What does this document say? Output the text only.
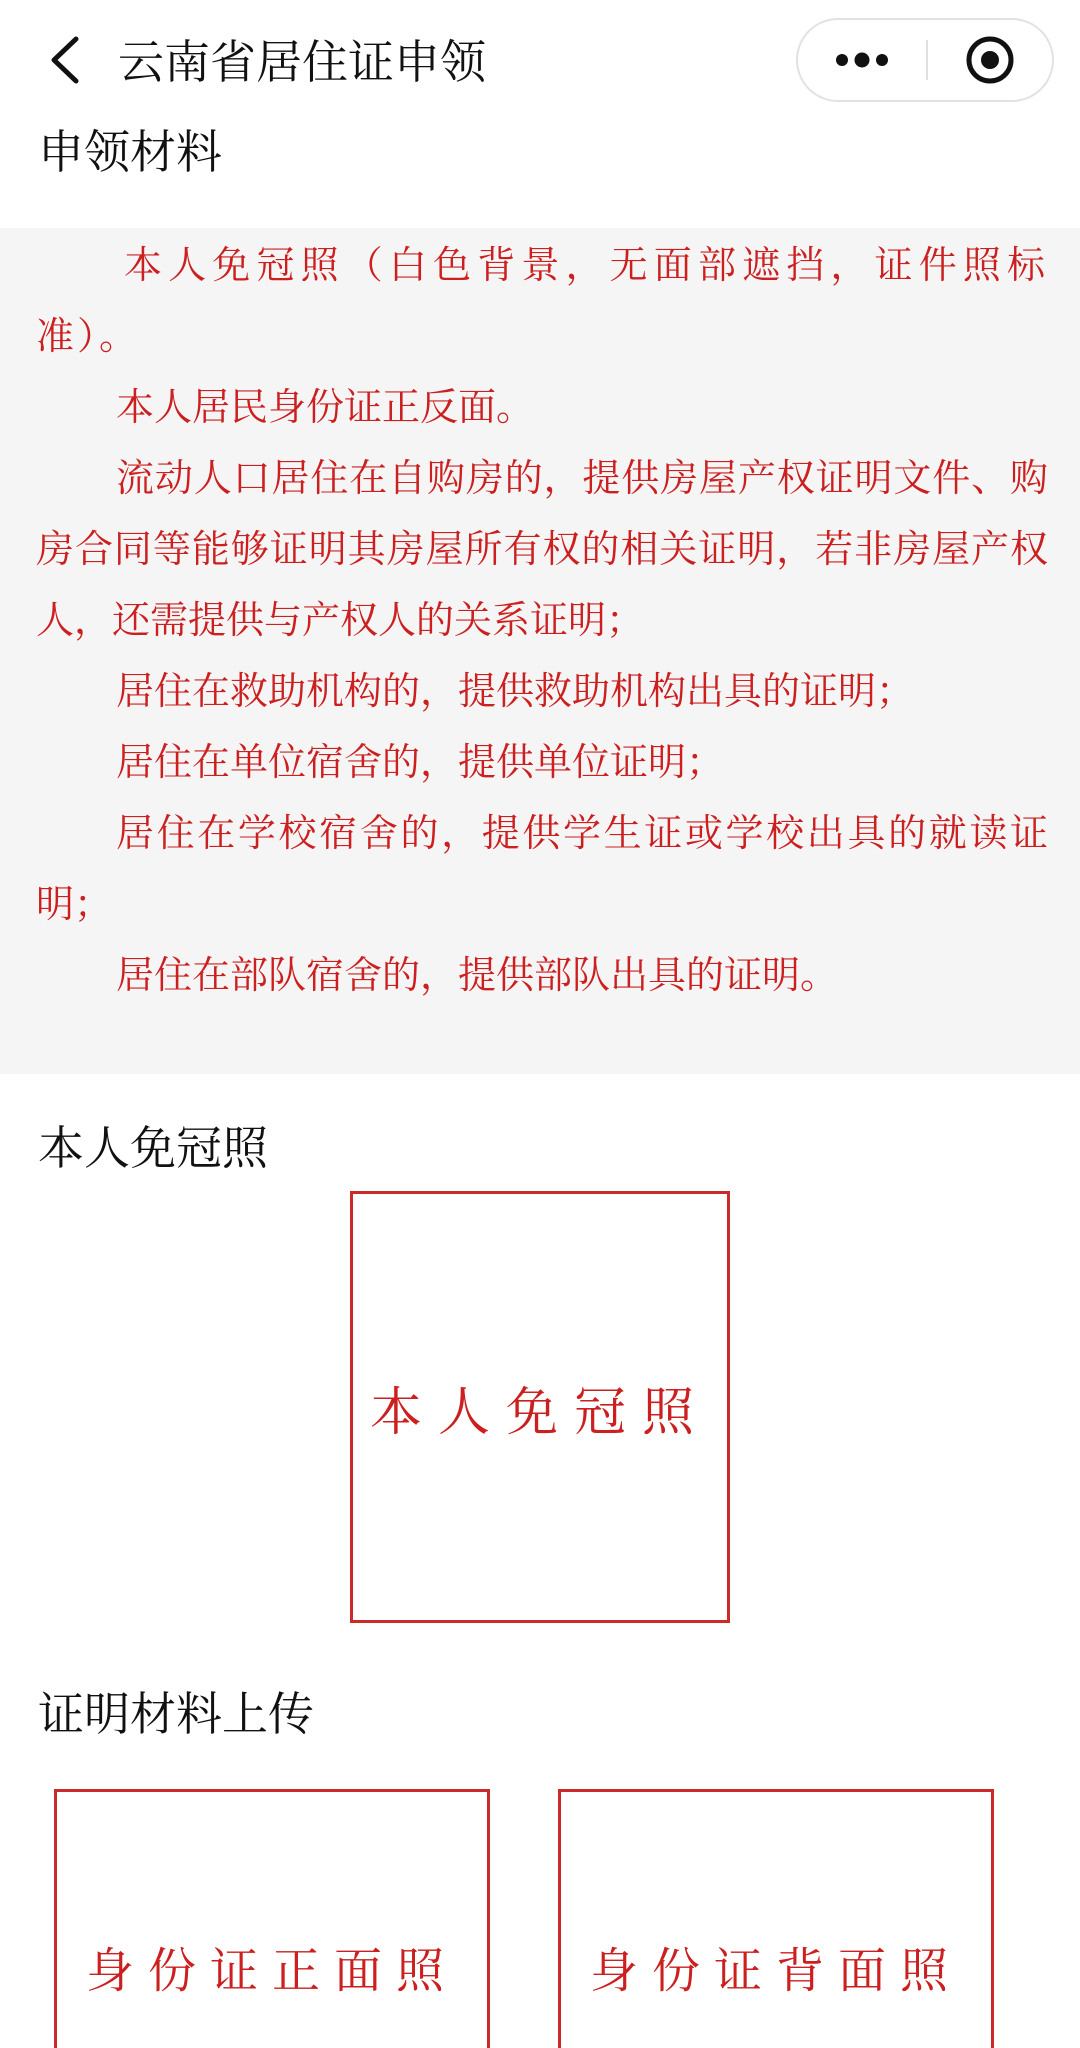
云南省居住证申领
申领材料

本人免冠照（白色背景，无面部遮挡，证件照标准）。

本人居民身份证正反面。

流动人口居住在自购房的，提供房屋产权证明文件、购房合同等能够证明其房屋所有权的相关证明，若非房屋产权人，还需提供与产权人的关系证明；

居住在救助机构的，提供救助机构出具的证明；

居住在单位宿舍的，提供单位证明；

居住在学校宿舍的，提供学生证或学校出具的就读证明；

居住在部队宿舍的，提供部队出具的证明。

本人免冠照
本人免冠照
证明材料上传
身份证正面照	身份证背面照
